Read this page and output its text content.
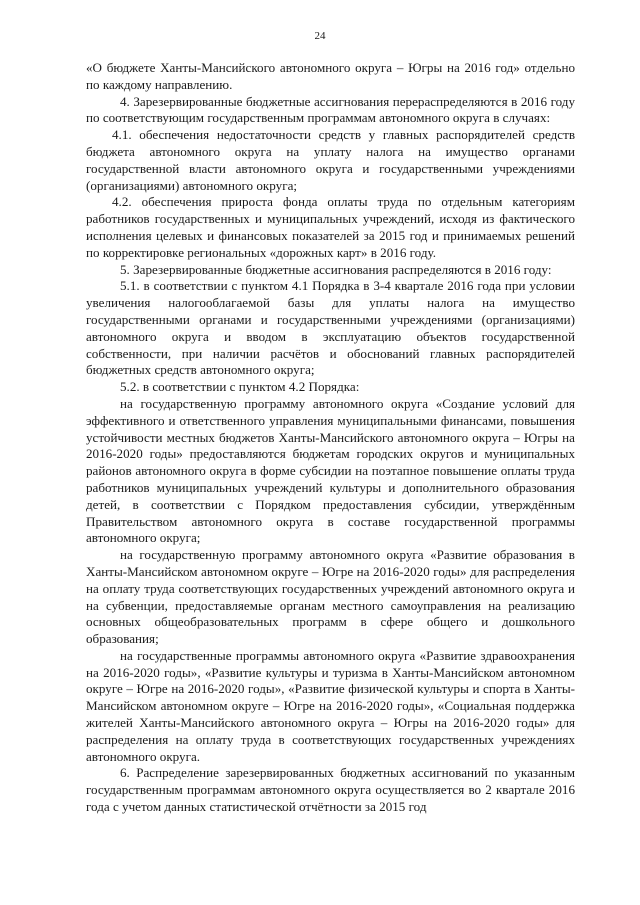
24

«О бюджете Ханты-Мансийского автономного округа – Югры на 2016 год» отдельно по каждому направлению.

4. Зарезервированные бюджетные ассигнования перераспределяются в 2016 году по соответствующим государственным программам автономного округа в случаях:

4.1. обеспечения недостаточности средств у главных распорядителей средств бюджета автономного округа на уплату налога на имущество органами государственной власти автономного округа и государственными учреждениями (организациями) автономного округа;

4.2. обеспечения прироста фонда оплаты труда по отдельным категориям работников государственных и муниципальных учреждений, исходя из фактического исполнения целевых и финансовых показателей за 2015 год и принимаемых решений по корректировке региональных «дорожных карт» в 2016 году.

5. Зарезервированные бюджетные ассигнования распределяются в 2016 году:

5.1. в соответствии с пунктом 4.1 Порядка в 3-4 квартале 2016 года при условии увеличения налогооблагаемой базы для уплаты налога на имущество государственными органами и государственными учреждениями (организациями) автономного округа и вводом в эксплуатацию объектов государственной собственности, при наличии расчётов и обоснований главных распорядителей бюджетных средств автономного округа;

5.2. в соответствии с пунктом 4.2 Порядка:

на государственную программу автономного округа «Создание условий для эффективного и ответственного управления муниципальными финансами, повышения устойчивости местных бюджетов Ханты-Мансийского автономного округа – Югры на 2016-2020 годы» предоставляются бюджетам городских округов и муниципальных районов автономного округа в форме субсидии на поэтапное повышение оплаты труда работников муниципальных учреждений культуры и дополнительного образования детей, в соответствии с Порядком предоставления субсидии, утверждённым Правительством автономного округа в составе государственной программы автономного округа;

на государственную программу автономного округа «Развитие образования в Ханты-Мансийском автономном округе – Югре на 2016-2020 годы» для распределения на оплату труда соответствующих государственных учреждений автономного округа и на субвенции, предоставляемые органам местного самоуправления на реализацию основных общеобразовательных программ в сфере общего и дошкольного образования;

на государственные программы автономного округа «Развитие здравоохранения на 2016-2020 годы», «Развитие культуры и туризма в Ханты-Мансийском автономном округе – Югре на 2016-2020 годы», «Развитие физической культуры и спорта в Ханты-Мансийском автономном округе – Югре на 2016-2020 годы», «Социальная поддержка жителей Ханты-Мансийского автономного округа – Югры на 2016-2020 годы» для распределения на оплату труда в соответствующих государственных учреждениях автономного округа.

6. Распределение зарезервированных бюджетных ассигнований по указанным государственным программам автономного округа осуществляется во 2 квартале 2016 года с учетом данных статистической отчётности за 2015 год
